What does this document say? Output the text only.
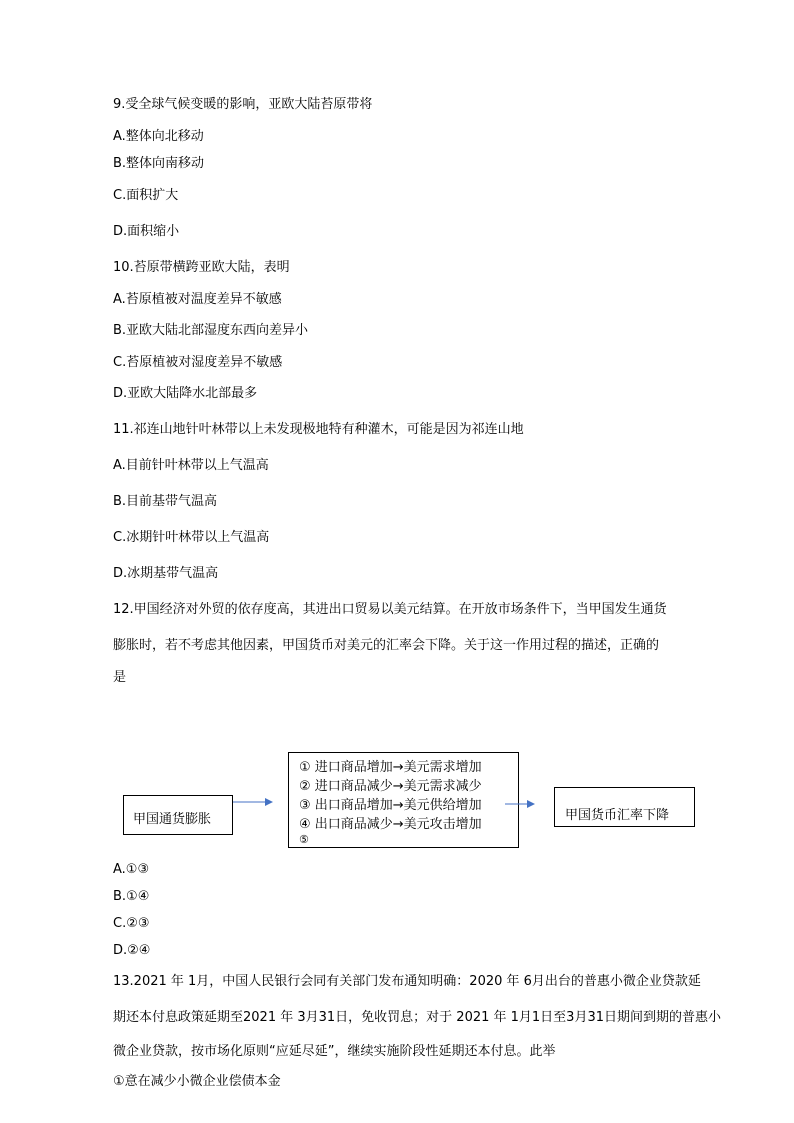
9.受全球气候变暖的影响，亚欧大陆苔原带将
A.整体向北移动
B.整体向南移动
C.面积扩大
D.面积缩小
10.苔原带横跨亚欧大陆，表明
A.苔原植被对温度差异不敏感
B.亚欧大陆北部湿度东西向差异小
C.苔原植被对湿度差异不敏感
D.亚欧大陆降水北部最多
11.祁连山地针叶林带以上未发现极地特有种灌木，可能是因为祁连山地
A.目前针叶林带以上气温高
B.目前基带气温高
C.冰期针叶林带以上气温高
D.冰期基带气温高
12.甲国经济对外贸的依存度高，其进出口贸易以美元结算。在开放市场条件下，当甲国发生通货
膨胀时，若不考虑其他因素，甲国货币对美元的汇率会下降。关于这一作用过程的描述，正确的
是
甲国通货膨胀
① 进口商品增加→美元需求增加
② 进口商品减少→美元需求减少
③ 出口商品增加→美元供给增加
④ 出口商品减少→美元攻击增加
⑤
甲国货币汇率下降
A.①③
B.①④
C.②③
D.②④
13.2021 年 1月，中国人民银行会同有关部门发布通知明确：2020 年 6月出台的普惠小微企业贷款延
期还本付息政策延期至2021 年 3月31日，免收罚息；对于 2021 年 1月1日至3月31日期间到期的普惠小
微企业贷款，按市场化原则“应延尽延”，继续实施阶段性延期还本付息。此举
①意在减少小微企业偿债本金
